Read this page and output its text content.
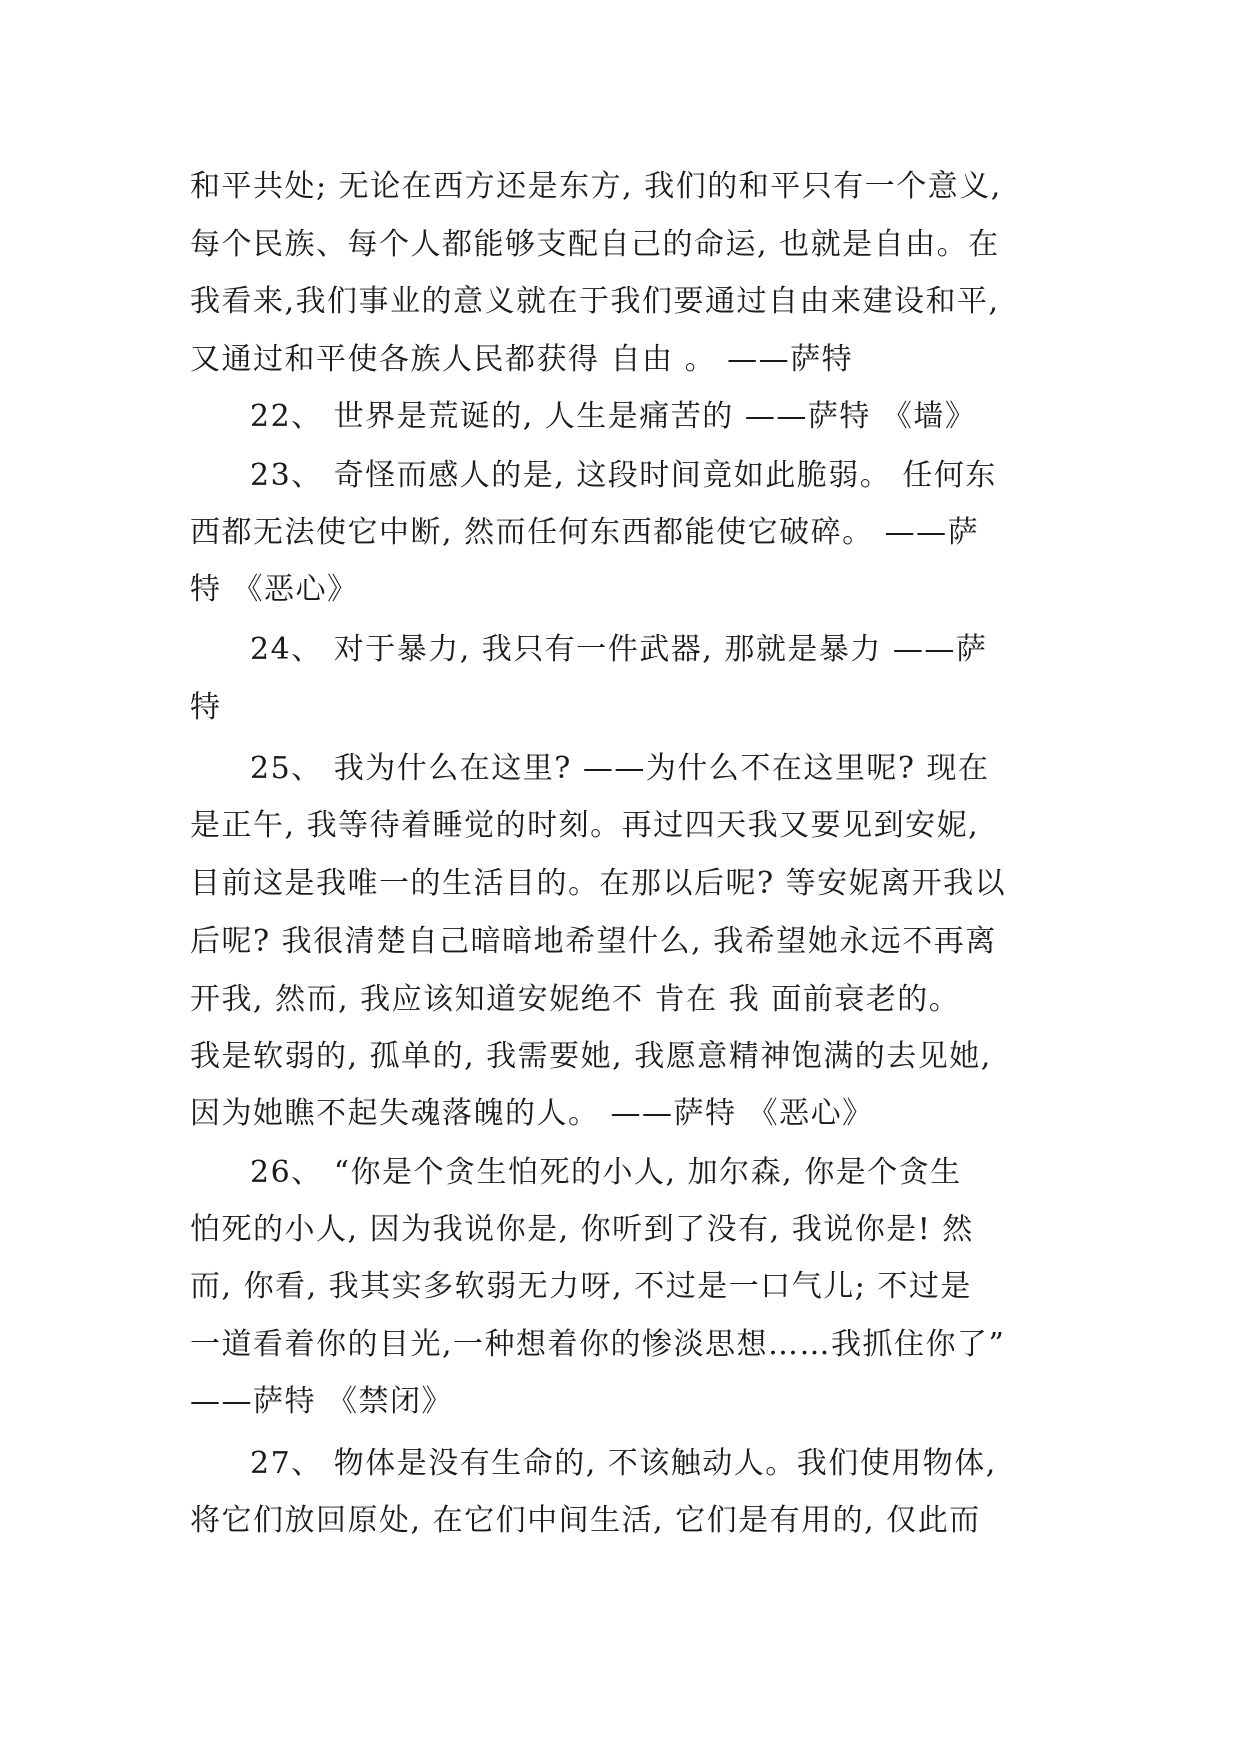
和平共处; 无论在西方还是东方, 我们的和平只有一个意义,
每个民族、每个人都能够支配自己的命运, 也就是自由。在
我看来,我们事业的意义就在于我们要通过自由来建设和平,
又通过和平使各族人民都获得 自由 。 ——萨特
22、 世界是荒诞的, 人生是痛苦的 ——萨特 《墙》
23、 奇怪而感人的是, 这段时间竟如此脆弱。 任何东
西都无法使它中断, 然而任何东西都能使它破碎。 ——萨
特 《恶心》
24、 对于暴力, 我只有一件武器, 那就是暴力 ——萨
特
25、 我为什么在这里? ——为什么不在这里呢? 现在
是正午, 我等待着睡觉的时刻。再过四天我又要见到安妮,
目前这是我唯一的生活目的。在那以后呢? 等安妮离开我以
后呢? 我很清楚自己暗暗地希望什么, 我希望她永远不再离
开我, 然而, 我应该知道安妮绝不 肯在 我 面前衰老的。
我是软弱的, 孤单的, 我需要她, 我愿意精神饱满的去见她,
因为她瞧不起失魂落魄的人。 ——萨特 《恶心》
26、 “你是个贪生怕死的小人, 加尔森, 你是个贪生
怕死的小人, 因为我说你是, 你听到了没有, 我说你是! 然
而, 你看, 我其实多软弱无力呀, 不过是一口气儿; 不过是
一道看着你的目光,一种想着你的惨淡思想……我抓住你了”
——萨特 《禁闭》
27、 物体是没有生命的, 不该触动人。我们使用物体,
将它们放回原处, 在它们中间生活, 它们是有用的, 仅此而
